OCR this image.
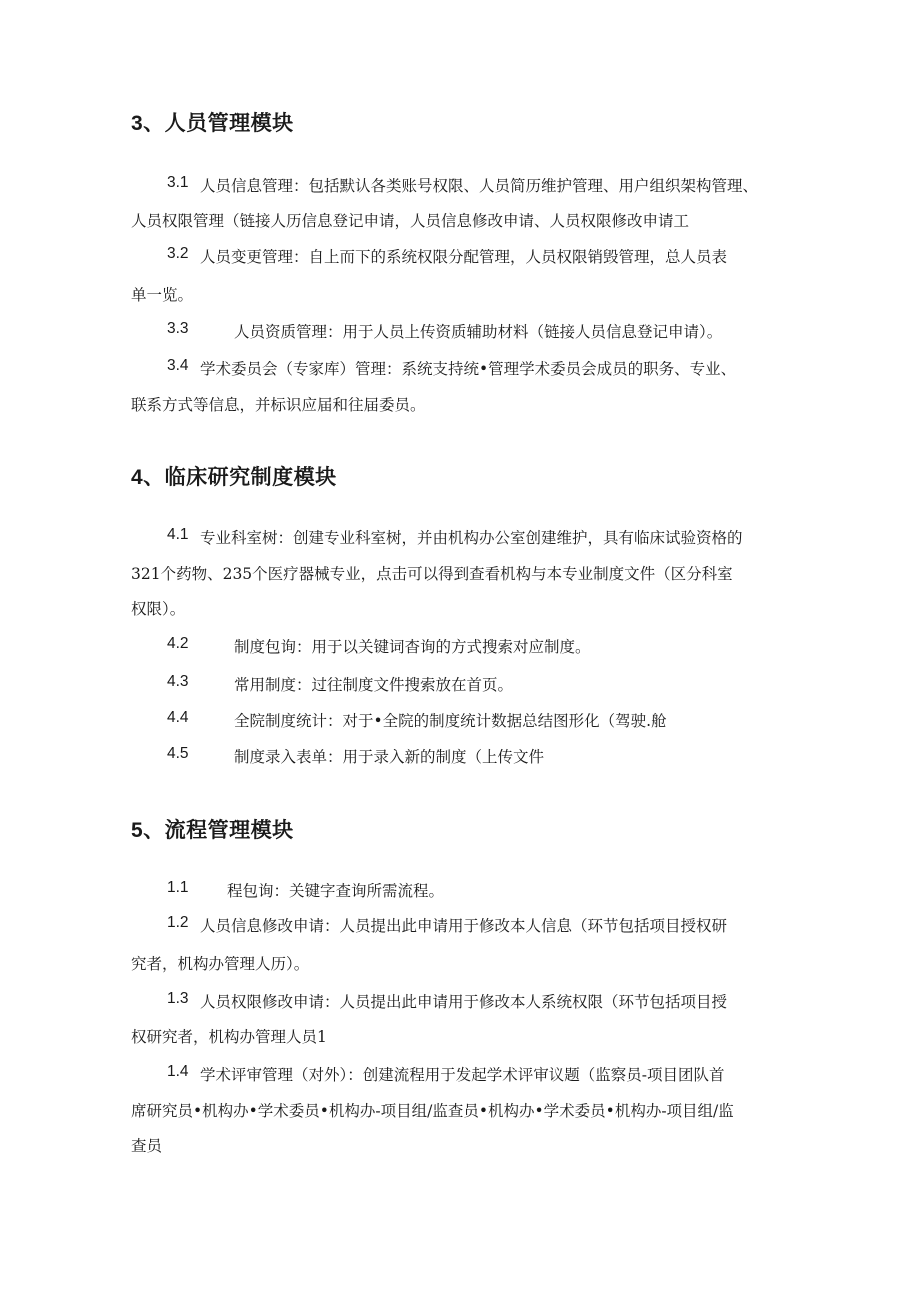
3、人员管理模块
3.1 人员信息管理：包括默认各类账号权限、人员简历维护管理、用户组织架构管理、
人员权限管理（链接人历信息登记申请，人员信息修改申请、人员权限修改申请工
3.2 人员变更管理：自上而下的系统权限分配管理，人员权限销毁管理，总人员表
单一览。
3.3	人员资质管理：用于人员上传资质辅助材料（链接人员信息登记申请）。
3.4 学术委员会（专家库）管理：系统支持统•管理学术委员会成员的职务、专业、
联系方式等信息，并标识应届和往届委员。
4、临床研究制度模块
4.1 专业科室树：创建专业科室树，并由机构办公室创建维护，具有临床试验资格的
321个药物、235个医疗器械专业，点击可以得到查看机构与本专业制度文件（区分科室
权限）。
4.2	制度包询：用于以关键词杳询的方式搜索对应制度。
4.3	常用制度：过往制度文件搜索放在首页。
4.4	全院制度统计：对于•全院的制度统计数据总结图形化（驾驶.舱
4.5	制度录入表单：用于录入新的制度（上传文件
5、流程管理模块
1.1 程包询：关键字查询所需流程。
1.2 人员信息修改申请：人员提出此申请用于修改本人信息（环节包括项目授权研
究者，机构办管理人历）。
1.3 人员权限修改申请：人员提出此申请用于修改本人系统权限（环节包括项目授
权研究者，机构办管理人员1
1.4 学术评审管理（对外）：创建流程用于发起学术评审议题（监察员-项目团队首
席研究员•机构办•学术委员•机构办-项目组/监查员•机构办•学术委员•机构办-项目组/监
查员
